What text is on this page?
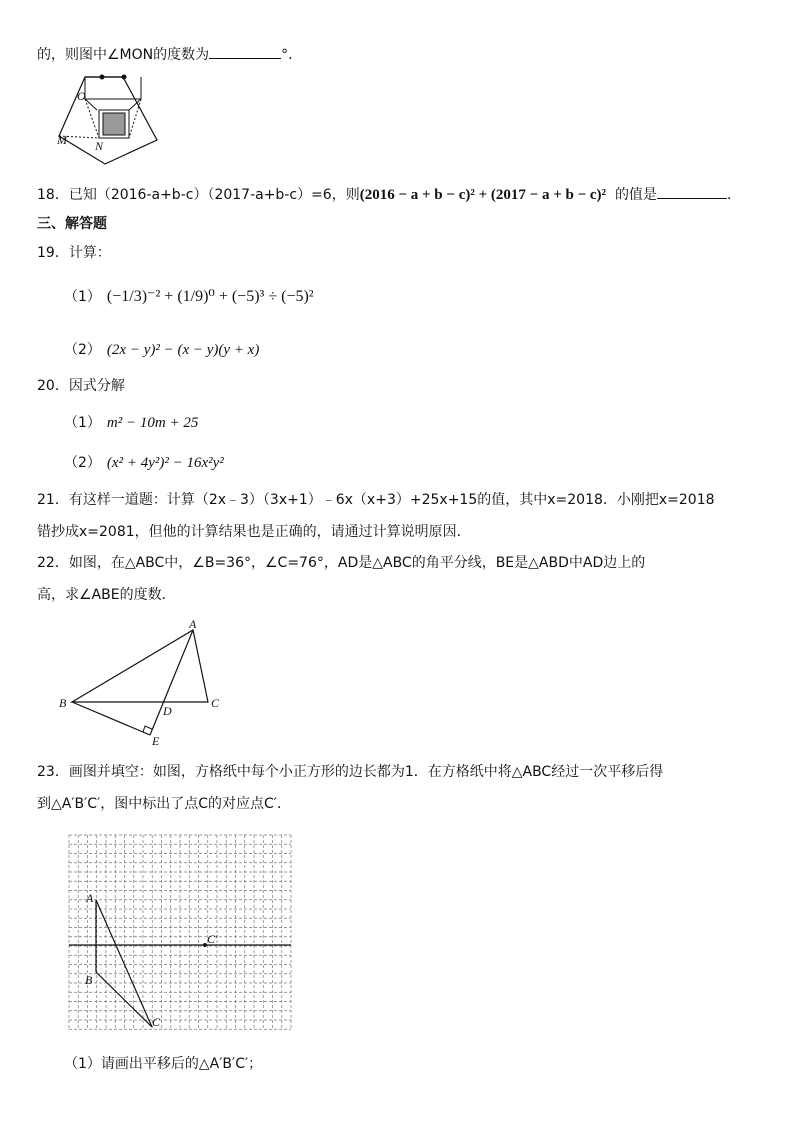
的，则图中∠MON的度数为	°．
O
M N
18．已知（2016-a+b-c）（2017-a+b-c）=6，则(2016 − a + b − c)² + (2017 − a + b − c)² 的值是	．
三、解答题
19．计算：
（1） (−1/3)⁻² + (1/9)⁰ + (−5)³ ÷ (−5)²
（2） (2x − y)² − (x − y)(y + x)
20．因式分解
（1） m² − 10m + 25
（2） (x² + 4y²)² − 16x²y²
21．有这样一道题：计算（2x﹣3）（3x+1）﹣6x（x+3）+25x+15的值，其中x=2018．小刚把x=2018
错抄成x=2081，但他的计算结果也是正确的，请通过计算说明原因．
22．如图，在△ABC中，∠B=36°，∠C=76°，AD是△ABC的角平分线，BE是△ABD中AD边上的
高，求∠ABE的度数．
A
B	C
D
E
23．画图并填空：如图，方格纸中每个小正方形的边长都为1．在方格纸中将△ABC经过一次平移后得
到△A′B′C′，图中标出了点C的对应点C′．
A
B
C
C′
（1）请画出平移后的△A′B′C′；
